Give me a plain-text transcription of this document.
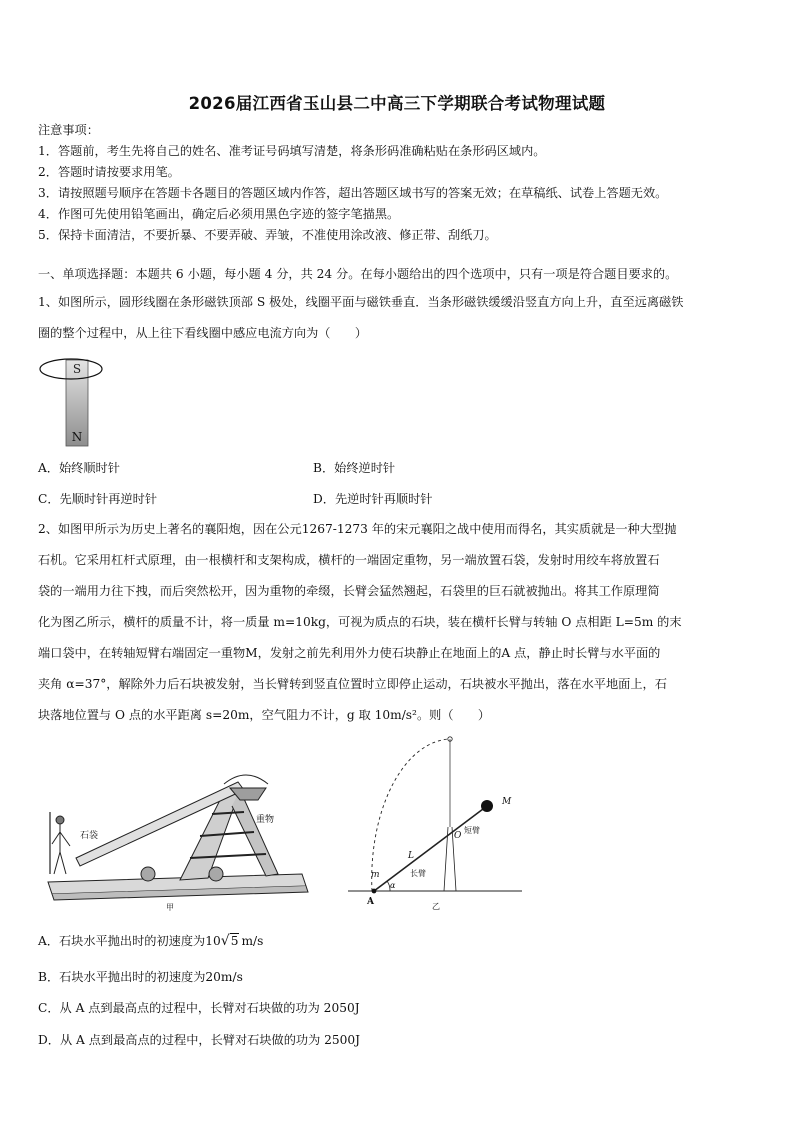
2026届江西省玉山县二中高三下学期联合考试物理试题
注意事项：
1．答题前，考生先将自己的姓名、准考证号码填写清楚，将条形码准确粘贴在条形码区域内。
2．答题时请按要求用笔。
3．请按照题号顺序在答题卡各题目的答题区域内作答，超出答题区域书写的答案无效；在草稿纸、试卷上答题无效。
4．作图可先使用铅笔画出，确定后必须用黑色字迹的签字笔描黑。
5．保持卡面清洁，不要折暴、不要弄破、弄皱，不准使用涂改液、修正带、刮纸刀。
一、单项选择题：本题共 6 小题，每小题 4 分，共 24 分。在每小题给出的四个选项中，只有一项是符合题目要求的。
1、如图所示，圆形线圈在条形磁铁顶部 S 极处，线圈平面与磁铁垂直．当条形磁铁缓缓沿竖直方向上升，直至远离磁铁
圈的整个过程中，从上往下看线圈中感应电流方向为（　　）
S
N
A．始终顺时针	B．始终逆时针
C．先顺时针再逆时针	D．先逆时针再顺时针
2、如图甲所示为历史上著名的襄阳炮，因在公元1267-1273 年的宋元襄阳之战中使用而得名，其实质就是一种大型抛
石机。它采用杠杆式原理，由一根横杆和支架构成，横杆的一端固定重物，另一端放置石袋，发射时用绞车将放置石
袋的一端用力往下拽，而后突然松开，因为重物的牵缀，长臂会猛然翘起，石袋里的巨石就被抛出。将其工作原理简
化为图乙所示，横杆的质量不计，将一质量 m=10kg，可视为质点的石块，装在横杆长臂与转轴 O 点相距 L=5m 的末
端口袋中，在转轴短臂右端固定一重物M，发射之前先利用外力使石块静止在地面上的A 点，静止时长臂与水平面的
夹角 α=37°，解除外力后石块被发射，当长臂转到竖直位置时立即停止运动，石块被水平抛出，落在水平地面上，石
块落地位置与 O 点的水平距离 s=20m，空气阻力不计，g 取 10m/s²。则（　　）
石袋
重物
甲
M
O
短臂
L
长臂
m
α
A	乙
A．石块水平抛出时的初速度为10√5 m/s
B．石块水平抛出时的初速度为20m/s
C．从 A 点到最高点的过程中，长臂对石块做的功为 2050J
D．从 A 点到最高点的过程中，长臂对石块做的功为 2500J
